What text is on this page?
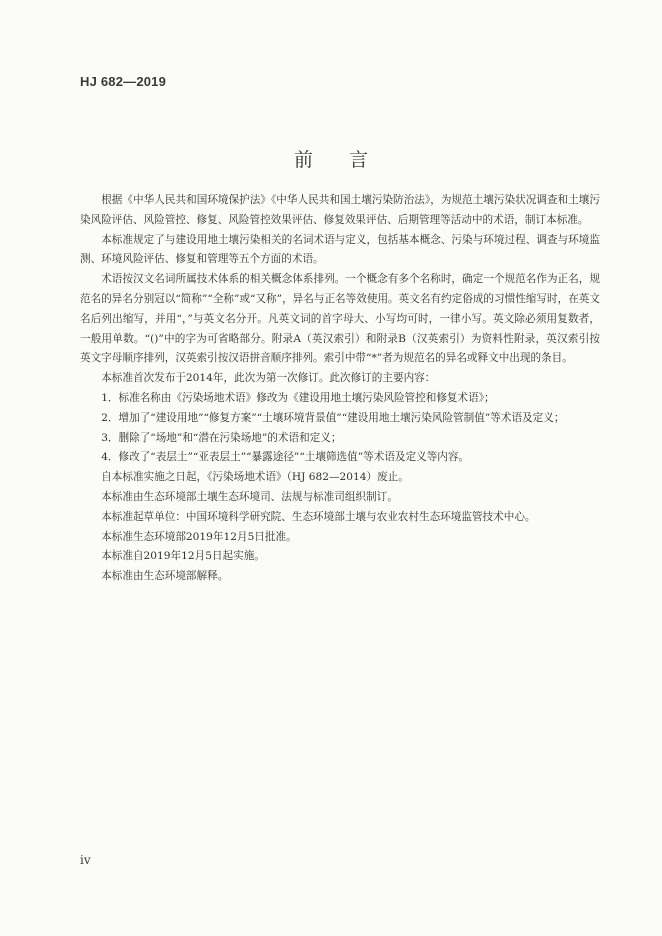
HJ 682—2019
前言

根据《中华人民共和国环境保护法》《中华人民共和国土壤污染防治法》，为规范土壤污染状况调查和土壤污染风险评估、风险管控、修复、风险管控效果评估、修复效果评估、后期管理等活动中的术语，制订本标准。

本标准规定了与建设用地土壤污染相关的名词术语与定义，包括基本概念、污染与环境过程、调查与环境监测、环境风险评估、修复和管理等五个方面的术语。

术语按汉文名词所属技术体系的相关概念体系排列。一个概念有多个名称时，确定一个规范名作为正名，规范名的异名分别冠以“简称”“全称”或“又称”，异名与正名等效使用。英文名有约定俗成的习惯性缩写时，在英文名后列出缩写，并用“，”与英文名分开。凡英文词的首字母大、小写均可时，一律小写。英文除必须用复数者，一般用单数。“()”中的字为可省略部分。附录A（英汉索引）和附录B（汉英索引）为资料性附录，英汉索引按英文字母顺序排列，汉英索引按汉语拼音顺序排列。索引中带“*”者为规范名的异名或释文中出现的条目。

本标准首次发布于2014年，此次为第一次修订。此次修订的主要内容：

1．标准名称由《污染场地术语》修改为《建设用地土壤污染风险管控和修复术语》；

2．增加了“建设用地”“修复方案”“土壤环境背景值”“建设用地土壤污染风险管制值”等术语及定义；

3．删除了“场地”和“潜在污染场地”的术语和定义；

4．修改了“表层土”“亚表层土”“暴露途径”“土壤筛选值”等术语及定义等内容。

自本标准实施之日起，《污染场地术语》（HJ 682—2014）废止。

本标准由生态环境部土壤生态环境司、法规与标准司组织制订。

本标准起草单位：中国环境科学研究院、生态环境部土壤与农业农村生态环境监管技术中心。

本标准生态环境部2019年12月5日批准。

本标准自2019年12月5日起实施。

本标准由生态环境部解释。

iv
